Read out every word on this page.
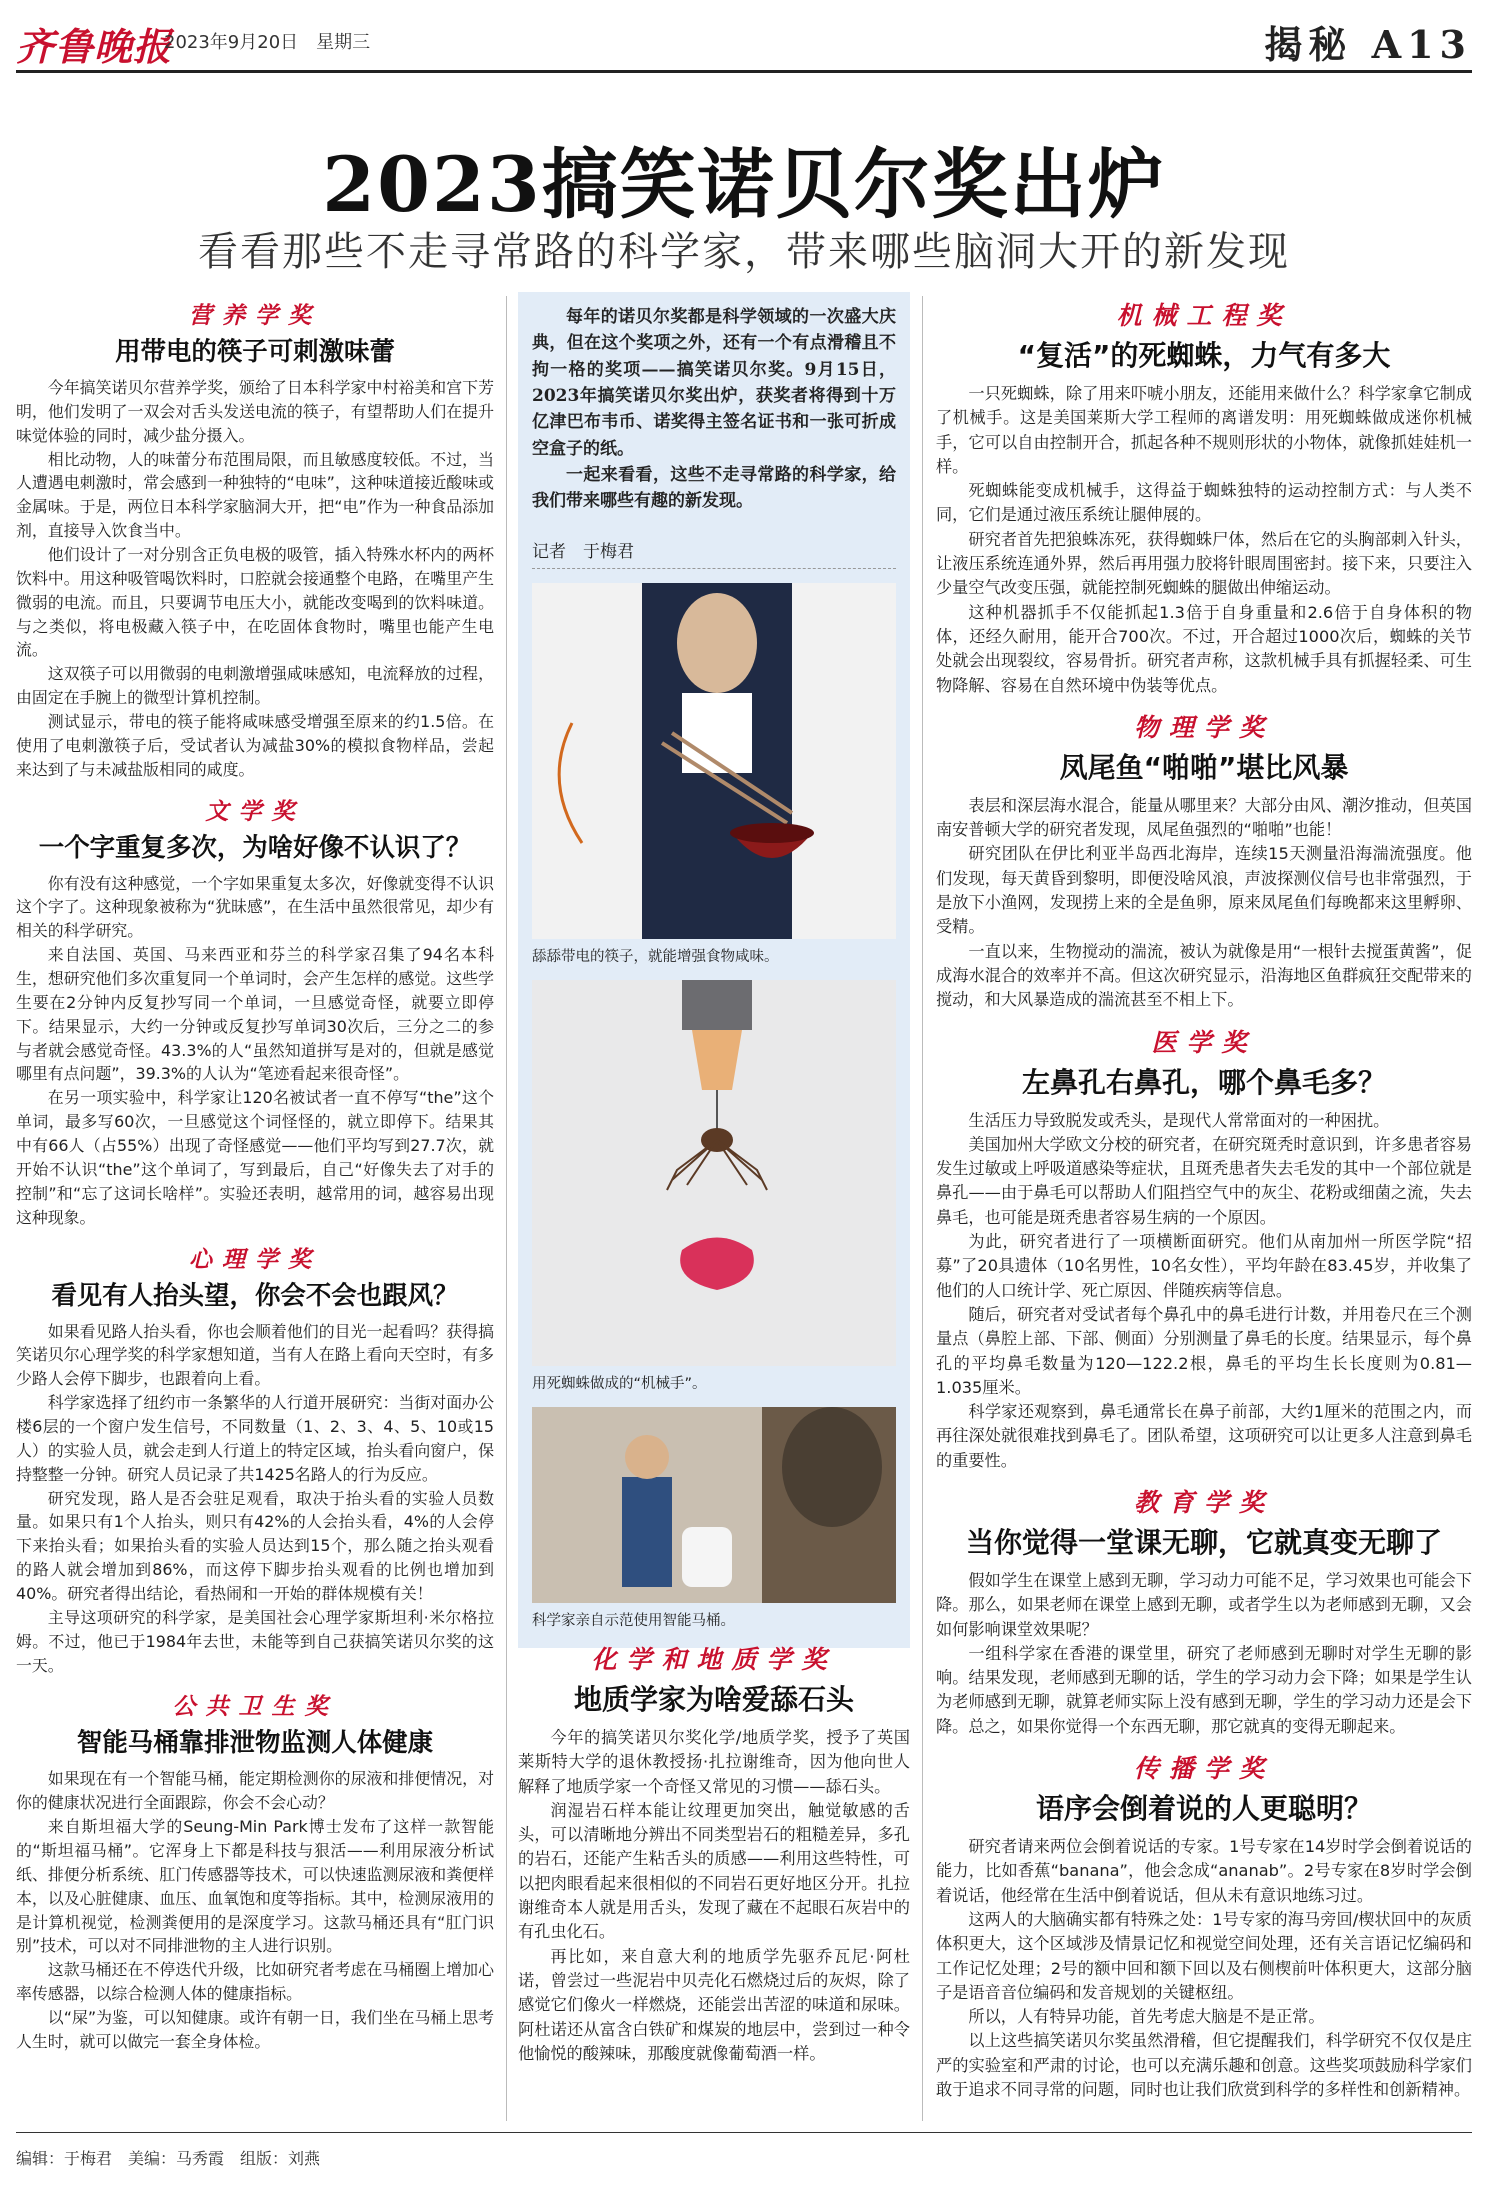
齐鲁晚报
2023年9月20日　 星期三	揭秘 A13
2023搞笑诺贝尔奖出炉
看看那些不走寻常路的科学家，带来哪些脑洞大开的新发现
营养学奖
用带电的筷子可刺激味蕾

今年搞笑诺贝尔营养学奖，颁给了日本科学家中村裕美和宫下芳明，他们发明了一双会对舌头发送电流的筷子，有望帮助人们在提升味觉体验的同时，减少盐分摄入。

相比动物，人的味蕾分布范围局限，而且敏感度较低。不过，当人遭遇电刺激时，常会感到一种独特的“电味”，这种味道接近酸味或金属味。于是，两位日本科学家脑洞大开，把“电”作为一种食品添加剂，直接导入饮食当中。

他们设计了一对分别含正负电极的吸管，插入特殊水杯内的两杯饮料中。用这种吸管喝饮料时，口腔就会接通整个电路，在嘴里产生微弱的电流。而且，只要调节电压大小，就能改变喝到的饮料味道。与之类似，将电极藏入筷子中，在吃固体食物时，嘴里也能产生电流。

这双筷子可以用微弱的电刺激增强咸味感知，电流释放的过程，由固定在手腕上的微型计算机控制。

测试显示，带电的筷子能将咸味感受增强至原来的约1.5倍。在使用了电刺激筷子后，受试者认为减盐30%的模拟食物样品，尝起来达到了与未减盐版相同的咸度。

文学奖
一个字重复多次，为啥好像不认识了？

你有没有这种感觉，一个字如果重复太多次，好像就变得不认识这个字了。这种现象被称为“犹昧感”，在生活中虽然很常见，却少有相关的科学研究。

来自法国、英国、马来西亚和芬兰的科学家召集了94名本科生，想研究他们多次重复同一个单词时，会产生怎样的感觉。这些学生要在2分钟内反复抄写同一个单词，一旦感觉奇怪，就要立即停下。结果显示，大约一分钟或反复抄写单词30次后，三分之二的参与者就会感觉奇怪。43.3%的人“虽然知道拼写是对的，但就是感觉哪里有点问题”，39.3%的人认为“笔迹看起来很奇怪”。

在另一项实验中，科学家让120名被试者一直不停写“the”这个单词，最多写60次，一旦感觉这个词怪怪的，就立即停下。结果其中有66人（占55%）出现了奇怪感觉——他们平均写到27.7次，就开始不认识“the”这个单词了，写到最后，自己“好像失去了对手的控制”和“忘了这词长啥样”。实验还表明，越常用的词，越容易出现这种现象。

心理学奖
看见有人抬头望，你会不会也跟风？

如果看见路人抬头看，你也会顺着他们的目光一起看吗？获得搞笑诺贝尔心理学奖的科学家想知道，当有人在路上看向天空时，有多少路人会停下脚步，也跟着向上看。

科学家选择了纽约市一条繁华的人行道开展研究：当街对面办公楼6层的一个窗户发生信号，不同数量（1、2、3、4、5、10或15人）的实验人员，就会走到人行道上的特定区域，抬头看向窗户，保持整整一分钟。研究人员记录了共1425名路人的行为反应。

研究发现，路人是否会驻足观看，取决于抬头看的实验人员数量。如果只有1个人抬头，则只有42%的人会抬头看，4%的人会停下来抬头看；如果抬头看的实验人员达到15个，那么随之抬头观看的路人就会增加到86%，而这停下脚步抬头观看的比例也增加到40%。研究者得出结论，看热闹和一开始的群体规模有关！

主导这项研究的科学家，是美国社会心理学家斯坦利·米尔格拉姆。不过，他已于1984年去世，未能等到自己获搞笑诺贝尔奖的这一天。

公共卫生奖
智能马桶靠排泄物监测人体健康

如果现在有一个智能马桶，能定期检测你的尿液和排便情况，对你的健康状况进行全面跟踪，你会不会心动？

来自斯坦福大学的Seung-Min Park博士发布了这样一款智能的“斯坦福马桶”。它浑身上下都是科技与狠活——利用尿液分析试纸、排便分析系统、肛门传感器等技术，可以快速监测尿液和粪便样本，以及心脏健康、血压、血氧饱和度等指标。其中，检测尿液用的是计算机视觉，检测粪便用的是深度学习。这款马桶还具有“肛门识别”技术，可以对不同排泄物的主人进行识别。

这款马桶还在不停迭代升级，比如研究者考虑在马桶圈上增加心率传感器，以综合检测人体的健康指标。

以“屎”为鉴，可以知健康。或许有朝一日，我们坐在马桶上思考人生时，就可以做完一套全身体检。

每年的诺贝尔奖都是科学领域的一次盛大庆典，但在这个奖项之外，还有一个有点滑稽且不拘一格的奖项——搞笑诺贝尔奖。9月15日，2023年搞笑诺贝尔奖出炉，获奖者将得到十万亿津巴布韦币、诺奖得主签名证书和一张可折成空盒子的纸。

一起来看看，这些不走寻常路的科学家，给我们带来哪些有趣的新发现。

记者　于梅君
舔舔带电的筷子，就能增强食物咸味。
用死蜘蛛做成的“机械手”。
科学家亲自示范使用智能马桶。
化学和地质学奖
地质学家为啥爱舔石头

今年的搞笑诺贝尔奖化学/地质学奖，授予了英国莱斯特大学的退休教授扬·扎拉谢维奇，因为他向世人解释了地质学家一个奇怪又常见的习惯——舔石头。

润湿岩石样本能让纹理更加突出，触觉敏感的舌头，可以清晰地分辨出不同类型岩石的粗糙差异，多孔的岩石，还能产生粘舌头的质感——利用这些特性，可以把肉眼看起来很相似的不同岩石更好地区分开。扎拉谢维奇本人就是用舌头，发现了藏在不起眼石灰岩中的有孔虫化石。

再比如，来自意大利的地质学先驱乔瓦尼·阿杜诺，曾尝过一些泥岩中贝壳化石燃烧过后的灰烬，除了感觉它们像火一样燃烧，还能尝出苦涩的味道和尿味。阿杜诺还从富含白铁矿和煤炭的地层中，尝到过一种令他愉悦的酸辣味，那酸度就像葡萄酒一样。

机械工程奖
“复活”的死蜘蛛，力气有多大

一只死蜘蛛，除了用来吓唬小朋友，还能用来做什么？科学家拿它制成了机械手。这是美国莱斯大学工程师的离谱发明：用死蜘蛛做成迷你机械手，它可以自由控制开合，抓起各种不规则形状的小物体，就像抓娃娃机一样。

死蜘蛛能变成机械手，这得益于蜘蛛独特的运动控制方式：与人类不同，它们是通过液压系统让腿伸展的。

研究者首先把狼蛛冻死，获得蜘蛛尸体，然后在它的头胸部刺入针头，让液压系统连通外界，然后再用强力胶将针眼周围密封。接下来，只要注入少量空气改变压强，就能控制死蜘蛛的腿做出伸缩运动。

这种机器抓手不仅能抓起1.3倍于自身重量和2.6倍于自身体积的物体，还经久耐用，能开合700次。不过，开合超过1000次后，蜘蛛的关节处就会出现裂纹，容易骨折。研究者声称，这款机械手具有抓握轻柔、可生物降解、容易在自然环境中伪装等优点。

物理学奖
凤尾鱼“啪啪”堪比风暴

表层和深层海水混合，能量从哪里来？大部分由风、潮汐推动，但英国南安普顿大学的研究者发现，凤尾鱼强烈的“啪啪”也能！

研究团队在伊比利亚半岛西北海岸，连续15天测量沿海湍流强度。他们发现，每天黄昏到黎明，即便没啥风浪，声波探测仪信号也非常强烈，于是放下小渔网，发现捞上来的全是鱼卵，原来凤尾鱼们每晚都来这里孵卵、受精。

一直以来，生物搅动的湍流，被认为就像是用“一根针去搅蛋黄酱”，促成海水混合的效率并不高。但这次研究显示，沿海地区鱼群疯狂交配带来的搅动，和大风暴造成的湍流甚至不相上下。

医学奖
左鼻孔右鼻孔，哪个鼻毛多？

生活压力导致脱发或秃头，是现代人常常面对的一种困扰。

美国加州大学欧文分校的研究者，在研究斑秃时意识到，许多患者容易发生过敏或上呼吸道感染等症状，且斑秃患者失去毛发的其中一个部位就是鼻孔——由于鼻毛可以帮助人们阻挡空气中的灰尘、花粉或细菌之流，失去鼻毛，也可能是斑秃患者容易生病的一个原因。

为此，研究者进行了一项横断面研究。他们从南加州一所医学院“招募”了20具遗体（10名男性，10名女性），平均年龄在83.45岁，并收集了他们的人口统计学、死亡原因、伴随疾病等信息。

随后，研究者对受试者每个鼻孔中的鼻毛进行计数，并用卷尺在三个测量点（鼻腔上部、下部、侧面）分别测量了鼻毛的长度。结果显示，每个鼻孔的平均鼻毛数量为120—122.2根，鼻毛的平均生长长度则为0.81—1.035厘米。

科学家还观察到，鼻毛通常长在鼻子前部，大约1厘米的范围之内，而再往深处就很难找到鼻毛了。团队希望，这项研究可以让更多人注意到鼻毛的重要性。

教育学奖
当你觉得一堂课无聊，它就真变无聊了

假如学生在课堂上感到无聊，学习动力可能不足，学习效果也可能会下降。那么，如果老师在课堂上感到无聊，或者学生以为老师感到无聊，又会如何影响课堂效果呢？

一组科学家在香港的课堂里，研究了老师感到无聊时对学生无聊的影响。结果发现，老师感到无聊的话，学生的学习动力会下降；如果是学生认为老师感到无聊，就算老师实际上没有感到无聊，学生的学习动力还是会下降。总之，如果你觉得一个东西无聊，那它就真的变得无聊起来。

传播学奖
语序会倒着说的人更聪明？

研究者请来两位会倒着说话的专家。1号专家在14岁时学会倒着说话的能力，比如香蕉“banana”，他会念成“ananab”。2号专家在8岁时学会倒着说话，他经常在生活中倒着说话，但从未有意识地练习过。

这两人的大脑确实都有特殊之处：1号专家的海马旁回/楔状回中的灰质体积更大，这个区域涉及情景记忆和视觉空间处理，还有关言语记忆编码和工作记忆处理；2号的额中回和额下回以及右侧楔前叶体积更大，这部分脑子是语音音位编码和发音规划的关键枢纽。

所以，人有特异功能，首先考虑大脑是不是正常。

以上这些搞笑诺贝尔奖虽然滑稽，但它提醒我们，科学研究不仅仅是庄严的实验室和严肃的讨论，也可以充满乐趣和创意。这些奖项鼓励科学家们敢于追求不同寻常的问题，同时也让我们欣赏到科学的多样性和创新精神。

编辑：于梅君　美编：马秀霞　组版：刘燕
